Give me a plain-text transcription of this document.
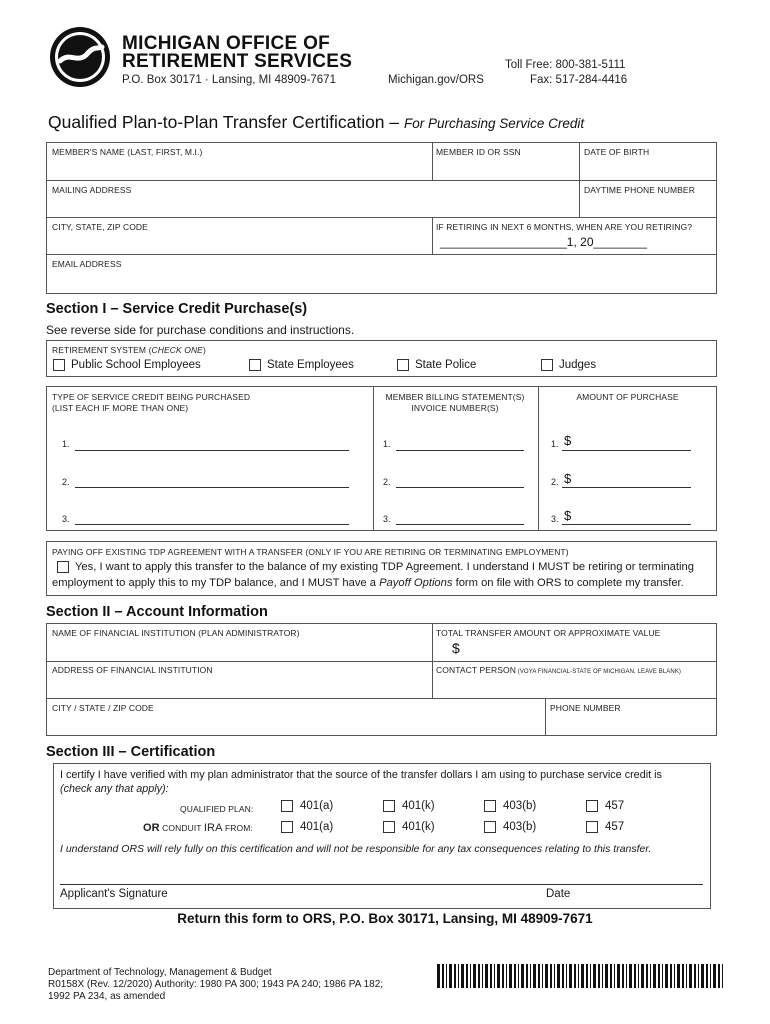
MICHIGAN OFFICE OF
RETIREMENT SERVICES
P.O. Box 30171 · Lansing, MI 48909-7671	Michigan.gov/ORS
Toll Free: 800-381-5111
Fax: 517-284-4416
Qualified Plan-to-Plan Transfer Certification – For Purchasing Service Credit
MEMBER'S NAME (LAST, FIRST, M.I.)	MEMBER ID OR SSN	DATE OF BIRTH
MAILING ADDRESS	DAYTIME PHONE NUMBER
CITY, STATE, ZIP CODE	IF RETIRING IN NEXT 6 MONTHS, WHEN ARE YOU RETIRING?
___________________1, 20________
EMAIL ADDRESS
Section I – Service Credit Purchase(s)
See reverse side for purchase conditions and instructions.
RETIREMENT SYSTEM (CHECK ONE)
Public School Employees	State Employees	State Police	Judges
TYPE OF SERVICE CREDIT BEING PURCHASED
(LIST EACH IF MORE THAN ONE)
MEMBER BILLING STATEMENT(S)
INVOICE NUMBER(S)
AMOUNT OF PURCHASE
1.	1.	1. $
2.	2.	2. $
3.	3.	3. $
PAYING OFF EXISTING TDP AGREEMENT WITH A TRANSFER (ONLY IF YOU ARE RETIRING OR TERMINATING EMPLOYMENT)
Yes, I want to apply this transfer to the balance of my existing TDP Agreement. I understand I MUST be retiring or terminating
employment to apply this to my TDP balance, and I MUST have a Payoff Options form on file with ORS to complete my transfer.
Section II – Account Information
NAME OF FINANCIAL INSTITUTION (PLAN ADMINISTRATOR)	TOTAL TRANSFER AMOUNT OR APPROXIMATE VALUE
$
ADDRESS OF FINANCIAL INSTITUTION	CONTACT PERSON (VOYA FINANCIAL-STATE OF MICHIGAN, LEAVE BLANK)
CITY / STATE / ZIP CODE	PHONE NUMBER
Section III – Certification
I certify I have verified with my plan administrator that the source of the transfer dollars I am using to purchase service credit is
(check any that apply):
QUALIFIED PLAN:
OR CONDUIT IRA FROM:
401(a)	401(k)	403(b)	457
401(a)	401(k)	403(b)	457
I understand ORS will rely fully on this certification and will not be responsible for any tax consequences relating to this transfer.
Applicant's Signature	Date
Return this form to ORS, P.O. Box 30171, Lansing, MI 48909-7671
Department of Technology, Management & Budget
R0158X (Rev. 12/2020) Authority: 1980 PA 300; 1943 PA 240; 1986 PA 182;
1992 PA 234, as amended
